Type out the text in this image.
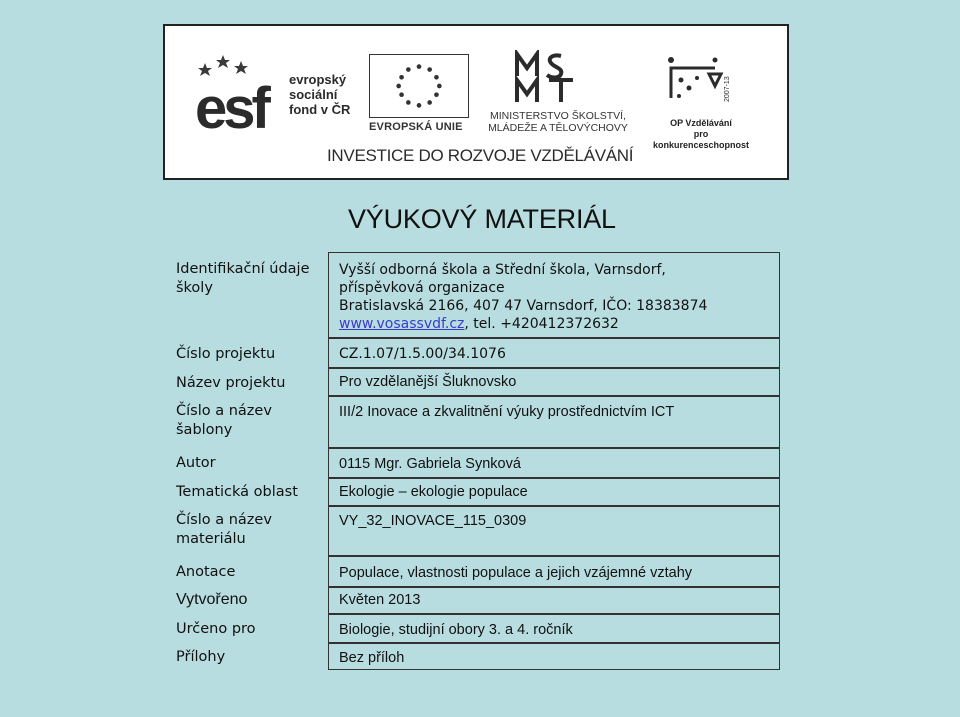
esf	evropský
sociální
fond v ČR
EVROPSKÁ UNIE
MINISTERSTVO ŠKOLSTVÍ,
MLÁDEŽE A TĚLOVÝCHOVY
2007-13
OP Vzdělávání
pro konkurenceschopnost
INVESTICE DO ROZVOJE VZDĚLÁVÁNÍ
VÝUKOVÝ MATERIÁL
Identifikační údaje
školy
Číslo projektu
Název projektu
Číslo a název
šablony
Autor
Tematická oblast
Číslo a název
materiálu
Anotace
Vytvořeno
Určeno pro
Přílohy
Vyšší odborná škola a Střední škola, Varnsdorf,
příspěvková organizace
Bratislavská 2166, 407 47 Varnsdorf, IČO: 18383874
www.vosassvdf.cz, tel. +420412372632
CZ.1.07/1.5.00/34.1076
Pro vzdělanější Šluknovsko
III/2 Inovace a zkvalitnění výuky prostřednictvím ICT
0115 Mgr. Gabriela Synková
Ekologie – ekologie populace
VY_32_INOVACE_115_0309
Populace, vlastnosti populace a jejich vzájemné vztahy
Květen 2013
Biologie, studijní obory 3. a 4. ročník
Bez příloh
